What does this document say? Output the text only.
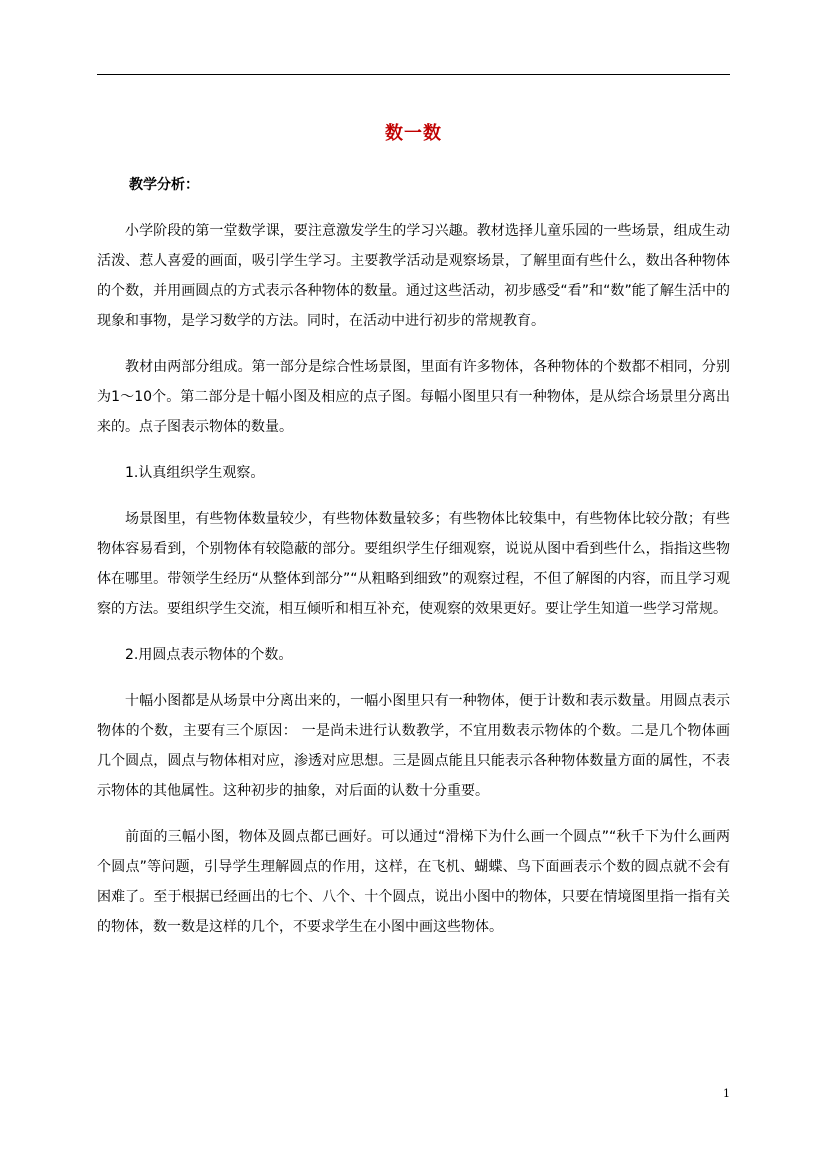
数一数

教学分析：

小学阶段的第一堂数学课，要注意激发学生的学习兴趣。教材选择儿童乐园的一些场景，组成生动活泼、惹人喜爱的画面，吸引学生学习。主要教学活动是观察场景，了解里面有些什么，数出各种物体的个数，并用画圆点的方式表示各种物体的数量。通过这些活动，初步感受“看”和“数”能了解生活中的现象和事物，是学习数学的方法。同时，在活动中进行初步的常规教育。

教材由两部分组成。第一部分是综合性场景图，里面有许多物体，各种物体的个数都不相同，分别为1～10个。第二部分是十幅小图及相应的点子图。每幅小图里只有一种物体，是从综合场景里分离出来的。点子图表示物体的数量。

1.认真组织学生观察。

场景图里，有些物体数量较少，有些物体数量较多；有些物体比较集中，有些物体比较分散；有些物体容易看到，个别物体有较隐蔽的部分。要组织学生仔细观察，说说从图中看到些什么，指指这些物体在哪里。带领学生经历“从整体到部分”“从粗略到细致”的观察过程，不但了解图的内容，而且学习观察的方法。要组织学生交流，相互倾听和相互补充，使观察的效果更好。要让学生知道一些学习常规。

2.用圆点表示物体的个数。

十幅小图都是从场景中分离出来的，一幅小图里只有一种物体，便于计数和表示数量。用圆点表示物体的个数，主要有三个原因： 一是尚未进行认数教学，不宜用数表示物体的个数。二是几个物体画几个圆点，圆点与物体相对应，渗透对应思想。三是圆点能且只能表示各种物体数量方面的属性，不表示物体的其他属性。这种初步的抽象，对后面的认数十分重要。

前面的三幅小图，物体及圆点都已画好。可以通过“滑梯下为什么画一个圆点”“秋千下为什么画两个圆点”等问题，引导学生理解圆点的作用，这样，在飞机、蝴蝶、鸟下面画表示个数的圆点就不会有困难了。至于根据已经画出的七个、八个、十个圆点，说出小图中的物体，只要在情境图里指一指有关的物体，数一数是这样的几个，不要求学生在小图中画这些物体。

1
